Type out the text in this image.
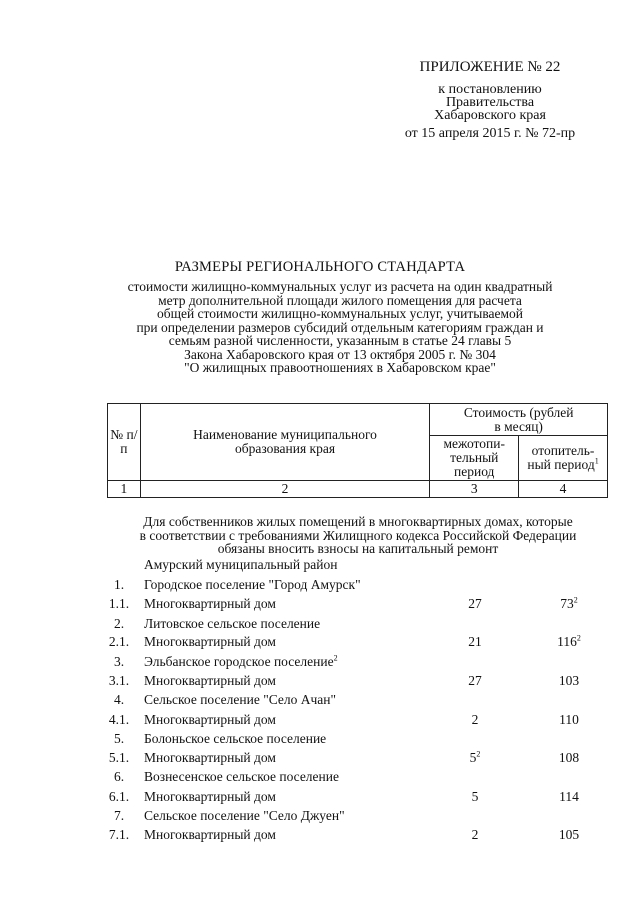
ПРИЛОЖЕНИЕ № 22
к постановлению
Правительства
Хабаровского края
от 15 апреля 2015 г. № 72-пр
РАЗМЕРЫ РЕГИОНАЛЬНОГО СТАНДАРТА
стоимости жилищно-коммунальных услуг из расчета на один квадратный
метр дополнительной площади жилого помещения для расчета
общей стоимости жилищно-коммунальных услуг, учитываемой
при определении размеров субсидий отдельным категориям граждан и
семьям разной численности, указанным в статье 24 главы 5
Закона Хабаровского края от 13 октября 2005 г. № 304
"О жилищных правоотношениях в Хабаровском крае"
№ п/п	Наименование муниципального образования края	Стоимость (рублей в месяц)	

		межотопи- тельный период	отопитель- ный период$^1$

1	2	3	4
Для собственников жилых помещений в многоквартирных домах, которые
в соответствии с требованиями Жилищного кодекса Российской Федерации
обязаны вносить взносы на капитальный ремонт
Амурский муниципальный район
1.	Городское поселение "Город Амурск"
1.1.	Многоквартирный дом	27	$73^2$
2.	Литовское сельское поселение
2.1.	Многоквартирный дом	21	$116^2$
3.	Эльбанское городское поселение$^2$
3.1.	Многоквартирный дом	27	103
4.	Сельское поселение "Село Ачан"
4.1.	Многоквартирный дом	2	110
5.	Болоньское сельское поселение
5.1.	Многоквартирный дом	$5^2$	108
6.	Вознесенское сельское поселение
6.1.	Многоквартирный дом	5	114
7.	Сельское поселение "Село Джуен"
7.1.	Многоквартирный дом	2	105
